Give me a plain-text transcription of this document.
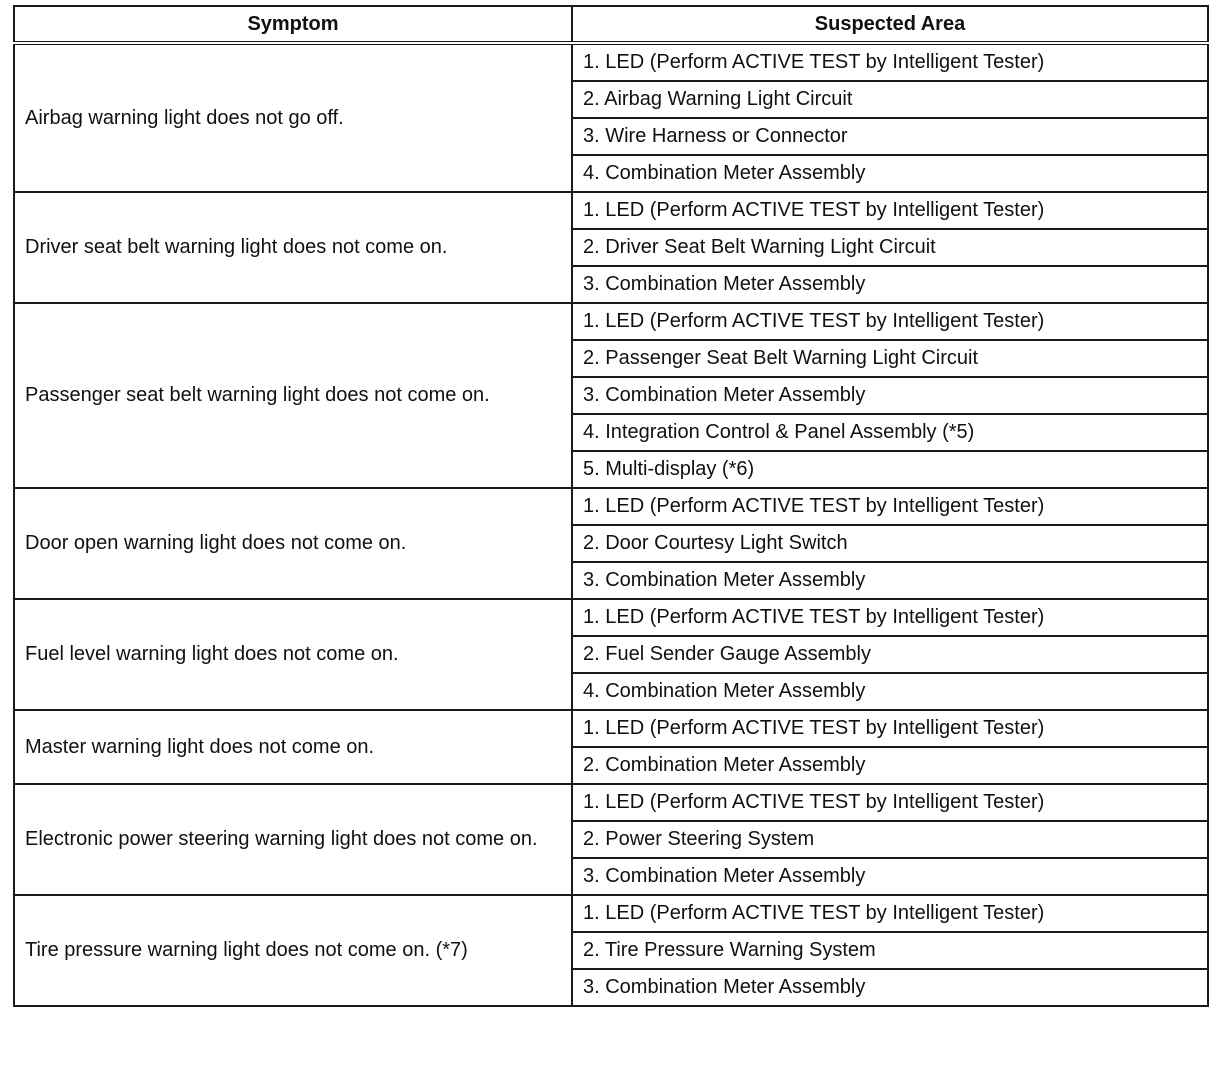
Symptom	Suspected Area
Airbag warning light does not go off.	1. LED (Perform ACTIVE TEST by Intelligent Tester)
	2. Airbag Warning Light Circuit
	3. Wire Harness or Connector
	4. Combination Meter Assembly
Driver seat belt warning light does not come on.	1. LED (Perform ACTIVE TEST by Intelligent Tester)
	2. Driver Seat Belt Warning Light Circuit
	3. Combination Meter Assembly
Passenger seat belt warning light does not come on.	1. LED (Perform ACTIVE TEST by Intelligent Tester)
	2. Passenger Seat Belt Warning Light Circuit
	3. Combination Meter Assembly
	4. Integration Control & Panel Assembly (*5)
	5. Multi-display (*6)
Door open warning light does not come on.	1. LED (Perform ACTIVE TEST by Intelligent Tester)
	2. Door Courtesy Light Switch
	3. Combination Meter Assembly
Fuel level warning light does not come on.	1. LED (Perform ACTIVE TEST by Intelligent Tester)
	2. Fuel Sender Gauge Assembly
	4. Combination Meter Assembly
Master warning light does not come on.	1. LED (Perform ACTIVE TEST by Intelligent Tester)
	2. Combination Meter Assembly
Electronic power steering warning light does not come on.	1. LED (Perform ACTIVE TEST by Intelligent Tester)
	2. Power Steering System
	3. Combination Meter Assembly
Tire pressure warning light does not come on. (*7)	1. LED (Perform ACTIVE TEST by Intelligent Tester)
	2. Tire Pressure Warning System
	3. Combination Meter Assembly
